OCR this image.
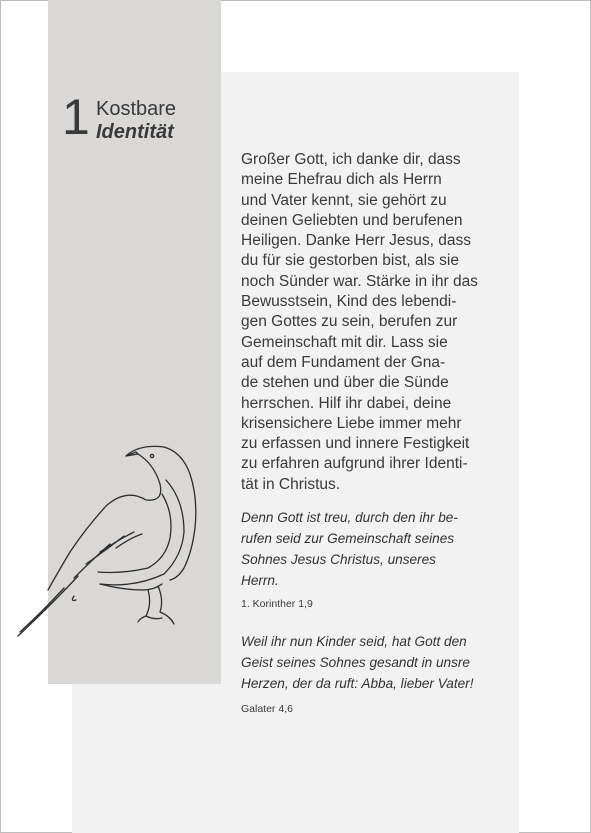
1 Kostbare
Identität
Großer Gott, ich danke dir, dass
meine Ehefrau dich als Herrn
und Vater kennt, sie gehört zu
deinen Geliebten und berufenen
Heiligen. Danke Herr Jesus, dass
du für sie gestorben bist, als sie
noch Sünder war. Stärke in ihr das
Bewusstsein, Kind des lebendi-
gen Gottes zu sein, berufen zur
Gemeinschaft mit dir. Lass sie
auf dem Fundament der Gna-
de stehen und über die Sünde
herrschen. Hilf ihr dabei, deine
krisensichere Liebe immer mehr
zu erfassen und innere Festigkeit
zu erfahren aufgrund ihrer Identi-
tät in Christus.
Denn Gott ist treu, durch den ihr be-
rufen seid zur Gemeinschaft seines
Sohnes Jesus Christus, unseres
Herrn.
1. Korinther 1,9
Weil ihr nun Kinder seid, hat Gott den
Geist seines Sohnes gesandt in unsre
Herzen, der da ruft: Abba, lieber Vater!
Galater 4,6
